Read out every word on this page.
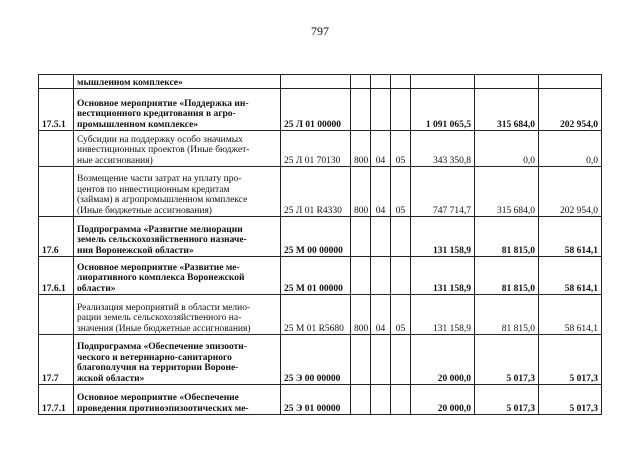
797

	мышленном комплексе»							

17.5.1	Основное мероприятие «Поддержка ин-
вестиционного кредитования в агро-
промышленном комплексе»	25 Л 01 00000				1 091 065,5	315 684,0	202 954,0

	Субсидии на поддержку особо значимых
инвестиционных проектов (Иные бюджет-
ные ассигнования)	25 Л 01 70130	800	04	05	343 350,8	0,0	0,0

	Возмещение части затрат на уплату про-
центов по инвестиционным кредитам
(займам) в агропромышленном комплексе
(Иные бюджетные ассигнования)	25 Л 01 R4330	800	04	05	747 714,7	315 684,0	202 954,0
17.6	Подпрограмма «Развитие мелиорации
земель сельскохозяйственного назначе-
ния Воронежской области»	25 М 00 00000				131 158,9	81 815,0	58 614,1
17.6.1	Основное мероприятие «Развитие ме-
лиоративного комплекса Воронежской
области»	25 М 01 00000				131 158,9	81 815,0	58 614,1

	Реализация мероприятий в области мелио-
рации земель сельскохозяйственного на-
значения (Иные бюджетные ассигнования)	25 М 01 R5680	800	04	05	131 158,9	81 815,0	58 614,1
17.7	Подпрограмма «Обеспечение эпизооти-
ческого и ветеринарно-санитарного
благополучия на территории Вороне-
жской области»	25 Э 00 00000				20 000,0	5 017,3	5 017,3
17.7.1	Основное мероприятие «Обеспечение
проведения противоэпизоотических ме-	25 Э 01 00000				20 000,0	5 017,3	5 017,3
